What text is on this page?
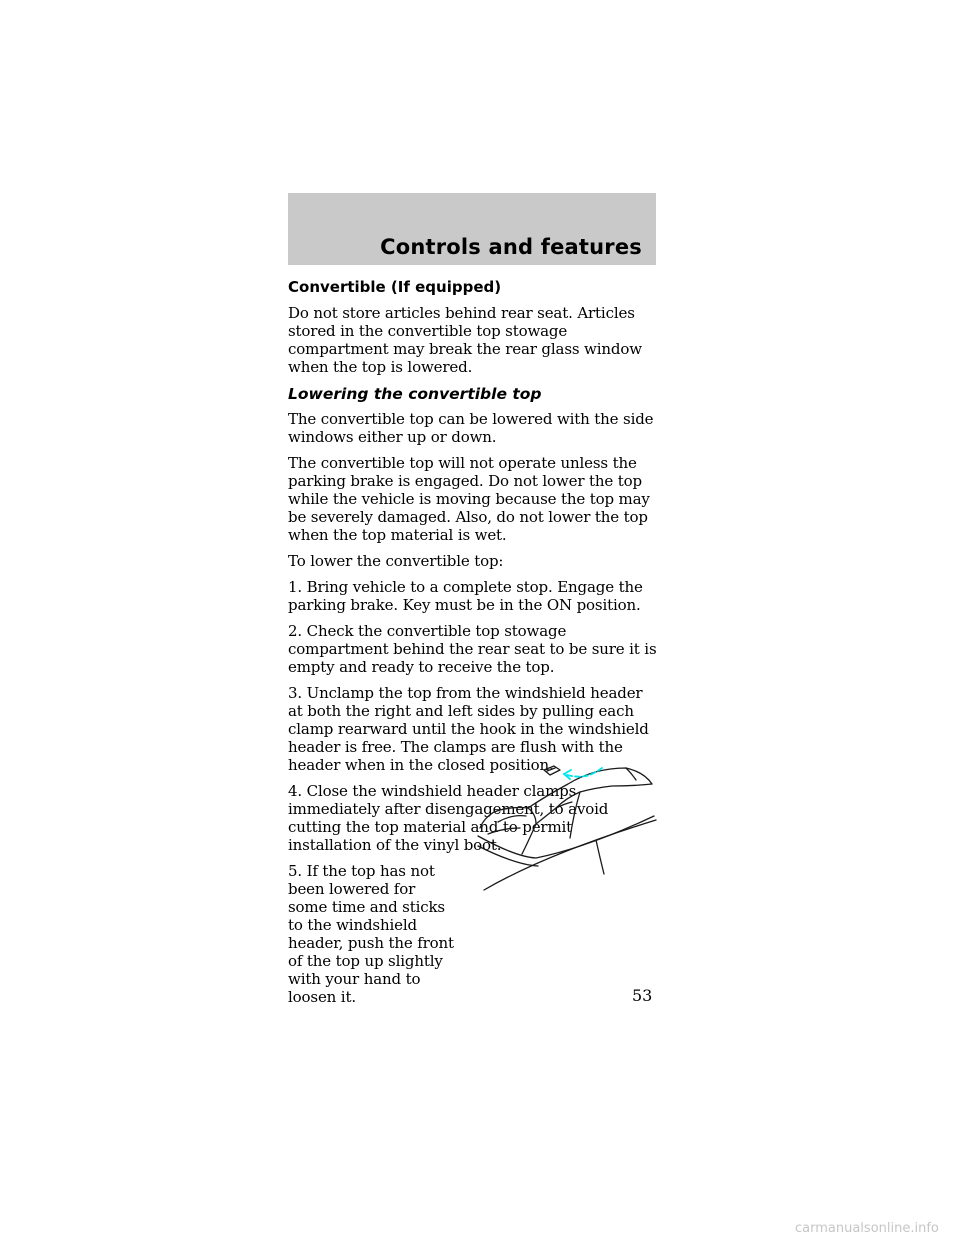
Controls and features
Convertible (If equipped)

Do not store articles behind rear seat. Articles stored in the convertible top stowage compartment may break the rear glass window when the top is lowered.

Lowering the convertible top

The convertible top can be lowered with the side windows either up or down.

The convertible top will not operate unless the parking brake is engaged. Do not lower the top while the vehicle is moving because the top may be severely damaged. Also, do not lower the top when the top material is wet.

To lower the convertible top:

1. Bring vehicle to a complete stop. Engage the parking brake. Key must be in the ON position.

2. Check the convertible top stowage compartment behind the rear seat to be sure it is empty and ready to receive the top.

3. Unclamp the top from the windshield header at both the right and left sides by pulling each clamp rearward until the hook in the windshield header is free. The clamps are flush with the header when in the closed position.

4. Close the windshield header clamps immediately after disengagement, to avoid cutting the top material and to permit installation of the vinyl boot.

5. If the top has not been lowered for some time and sticks to the windshield header, push the front of the top up slightly with your hand to loosen it.	53
carmanualsonline.info
